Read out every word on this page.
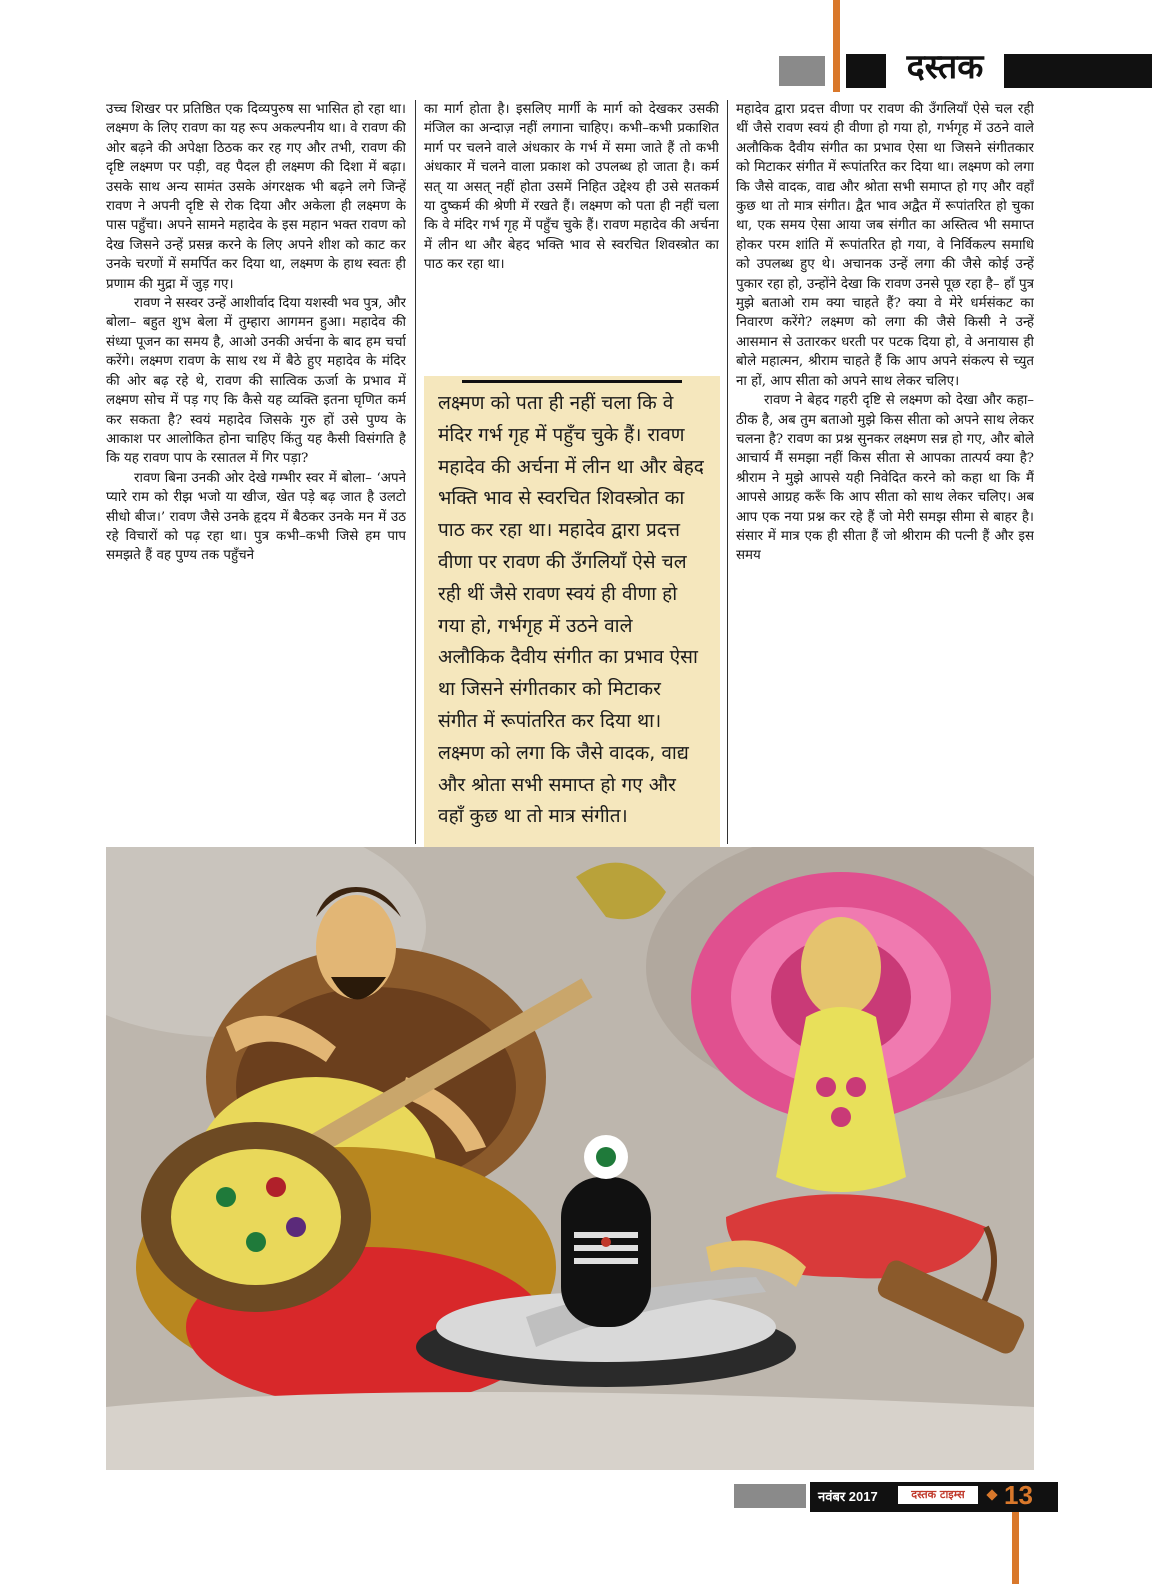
दस्तक

उच्च शिखर पर प्रतिष्ठित एक दिव्यपुरुष सा भासित हो रहा था। लक्ष्मण के लिए रावण का यह रूप अकल्पनीय था। वे रावण की ओर बढ़ने की अपेक्षा ठिठक कर रह गए और तभी, रावण की दृष्टि लक्ष्मण पर पड़ी, वह पैदल ही लक्ष्मण की दिशा में बढ़ा। उसके साथ अन्य सामंत उसके अंगरक्षक भी बढ़ने लगे जिन्हें रावण ने अपनी दृष्टि से रोक दिया और अकेला ही लक्ष्मण के पास पहुँचा। अपने सामने महादेव के इस महान भक्त रावण को देख जिसने उन्हें प्रसन्न करने के लिए अपने शीश को काट कर उनके चरणों में समर्पित कर दिया था, लक्ष्मण के हाथ स्वतः ही प्रणाम की मुद्रा में जुड़ गए।

रावण ने सस्वर उन्हें आशीर्वाद दिया यशस्वी भव पुत्र, और बोला– बहुत शुभ बेला में तुम्हारा आगमन हुआ। महादेव की संध्या पूजन का समय है, आओ उनकी अर्चना के बाद हम चर्चा करेंगे। लक्ष्मण रावण के साथ रथ में बैठे हुए महादेव के मंदिर की ओर बढ़ रहे थे, रावण की सात्विक ऊर्जा के प्रभाव में लक्ष्मण सोच में पड़ गए कि कैसे यह व्यक्ति इतना घृणित कर्म कर सकता है? स्वयं महादेव जिसके गुरु हों उसे पुण्य के आकाश पर आलोकित होना चाहिए किंतु यह कैसी विसंगति है कि यह रावण पाप के रसातल में गिर पड़ा?

रावण बिना उनकी ओर देखे गम्भीर स्वर में बोला– ‘अपने प्यारे राम को रीझ भजो या खीज, खेत पड़े बढ़ जात है उलटो सीधो बीज।’ रावण जैसे उनके हृदय में बैठकर उनके मन में उठ रहे विचारों को पढ़ रहा था। पुत्र कभी–कभी जिसे हम पाप समझते हैं वह पुण्य तक पहुँचने

का मार्ग होता है। इसलिए मार्गी के मार्ग को देखकर उसकी मंजिल का अन्दाज़ नहीं लगाना चाहिए। कभी–कभी प्रकाशित मार्ग पर चलने वाले अंधकार के गर्भ में समा जाते हैं तो कभी अंधकार में चलने वाला प्रकाश को उपलब्ध हो जाता है। कर्म सत् या असत् नहीं होता उसमें निहित उद्देश्य ही उसे सतकर्म या दुष्कर्म की श्रेणी में रखते हैं। लक्ष्मण को पता ही नहीं चला कि वे मंदिर गर्भ गृह में पहुँच चुके हैं। रावण महादेव की अर्चना में लीन था और बेहद भक्ति भाव से स्वरचित शिवस्त्रोत का पाठ कर रहा था।

लक्ष्मण को पता ही नहीं चला कि वे मंदिर गर्भ गृह में पहुँच चुके हैं। रावण महादेव की अर्चना में लीन था और बेहद भक्ति भाव से स्वरचित शिवस्त्रोत का पाठ कर रहा था। महादेव द्वारा प्रदत्त वीणा पर रावण की उँगलियाँ ऐसे चल रही थीं जैसे रावण स्वयं ही वीणा हो गया हो, गर्भगृह में उठने वाले अलौकिक दैवीय संगीत का प्रभाव ऐसा था जिसने संगीतकार को मिटाकर संगीत में रूपांतरित कर दिया था। लक्ष्मण को लगा कि जैसे वादक, वाद्य और श्रोता सभी समाप्त हो गए और वहाँ कुछ था तो मात्र संगीत।

महादेव द्वारा प्रदत्त वीणा पर रावण की उँगलियाँ ऐसे चल रही थीं जैसे रावण स्वयं ही वीणा हो गया हो, गर्भगृह में उठने वाले अलौकिक दैवीय संगीत का प्रभाव ऐसा था जिसने संगीतकार को मिटाकर संगीत में रूपांतरित कर दिया था। लक्ष्मण को लगा कि जैसे वादक, वाद्य और श्रोता सभी समाप्त हो गए और वहाँ कुछ था तो मात्र संगीत। द्वैत भाव अद्वैत में रूपांतरित हो चुका था, एक समय ऐसा आया जब संगीत का अस्तित्व भी समाप्त होकर परम शांति में रूपांतरित हो गया, वे निर्विकल्प समाधि को उपलब्ध हुए थे। अचानक उन्हें लगा की जैसे कोई उन्हें पुकार रहा हो, उन्होंने देखा कि रावण उनसे पूछ रहा है– हाँ पुत्र मुझे बताओ राम क्या चाहते हैं? क्या वे मेरे धर्मसंकट का निवारण करेंगे? लक्ष्मण को लगा की जैसे किसी ने उन्हें आसमान से उतारकर धरती पर पटक दिया हो, वे अनायास ही बोले महात्मन, श्रीराम चाहते हैं कि आप अपने संकल्प से च्युत ना हों, आप सीता को अपने साथ लेकर चलिए।

रावण ने बेहद गहरी दृष्टि से लक्ष्मण को देखा और कहा– ठीक है, अब तुम बताओ मुझे किस सीता को अपने साथ लेकर चलना है? रावण का प्रश्न सुनकर लक्ष्मण सन्न हो गए, और बोले आचार्य मैं समझा नहीं किस सीता से आपका तात्पर्य क्या है? श्रीराम ने मुझे आपसे यही निवेदित करने को कहा था कि मैं आपसे आग्रह करूँ कि आप सीता को साथ लेकर चलिए। अब आप एक नया प्रश्न कर रहे हैं जो मेरी समझ सीमा से बाहर है। संसार में मात्र एक ही सीता हैं जो श्रीराम की पत्नी हैं और इस समय

नवंबर 2017	दस्तक टाइम्स	13
